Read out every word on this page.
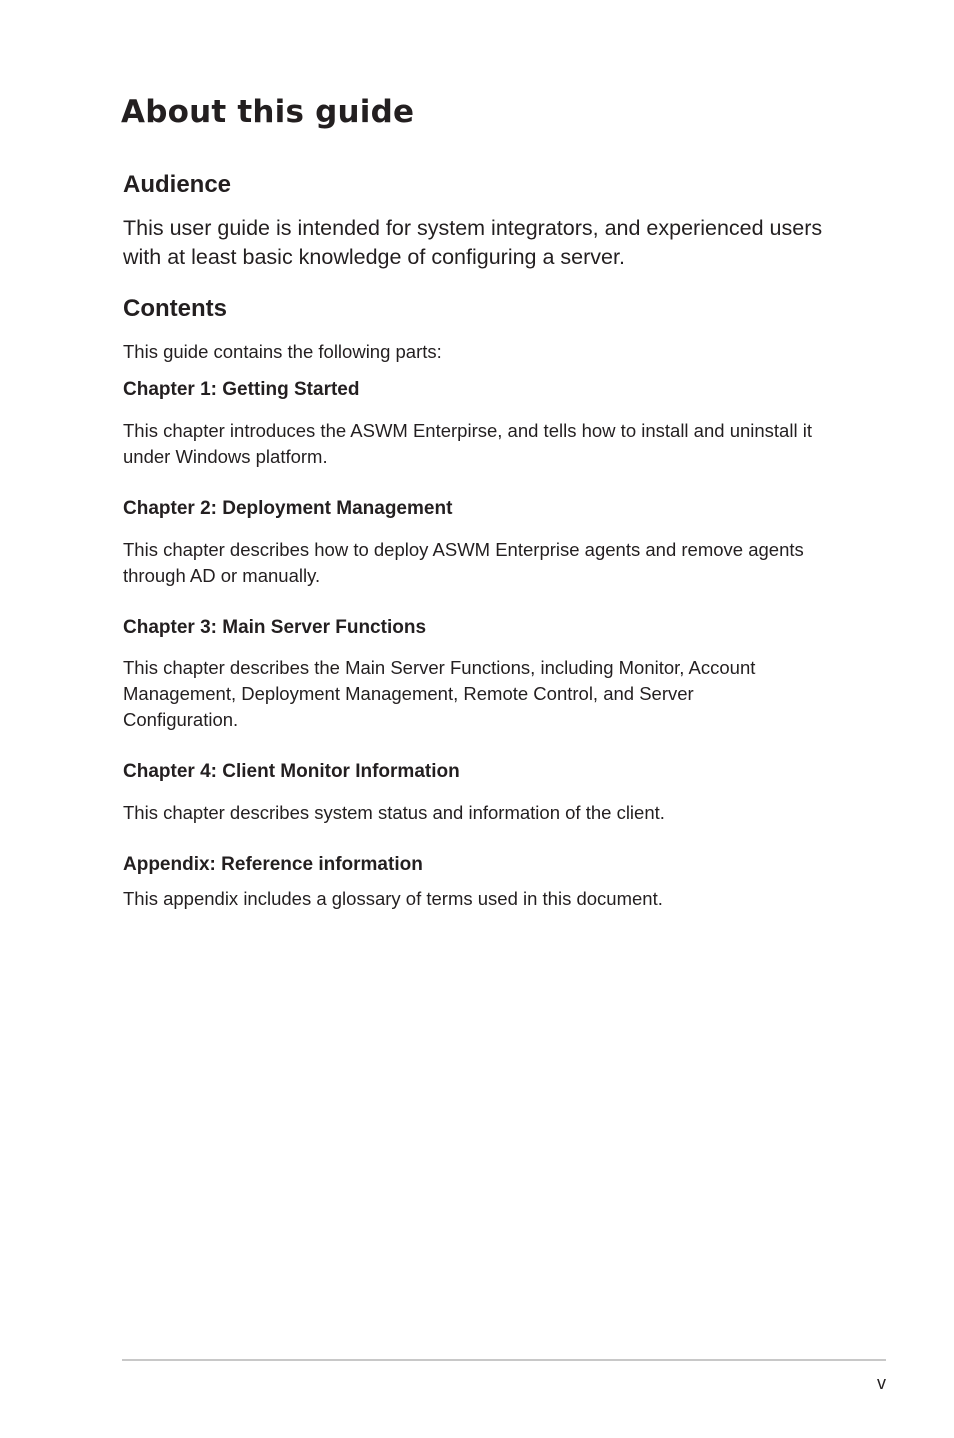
About this guide
Audience

This user guide is intended for system integrators, and experienced users with at least basic knowledge of configuring a server.

Contents

This guide contains the following parts:

Chapter 1: Getting Started

This chapter introduces the ASWM Enterpirse, and tells how to install and uninstall it under Windows platform.

Chapter 2: Deployment Management

This chapter describes how to deploy ASWM Enterprise agents and remove agents through AD or manually.

Chapter 3: Main Server Functions

This chapter describes the Main Server Functions, including Monitor, Account Management, Deployment Management, Remote Control, and Server Configuration.

Chapter 4: Client Monitor Information

This chapter describes system status and information of the client.

Appendix: Reference information

This appendix includes a glossary of terms used in this document.

v
